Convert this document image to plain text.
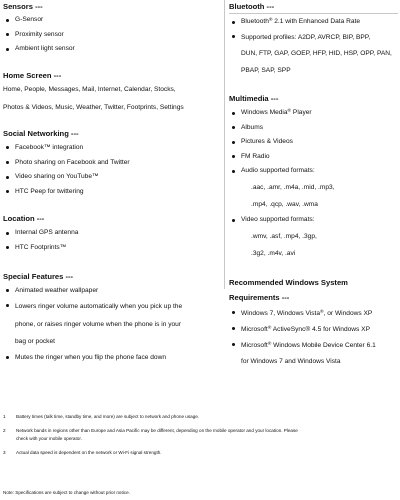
Sensors ---
G-Sensor
Proximity sensor
Ambient light sensor
Home Screen ---
Home, People, Messages, Mail, Internet, Calendar, Stocks,
Photos & Videos, Music, Weather, Twitter, Footprints, Settings
Social Networking ---
Facebook™ integration
Photo sharing on Facebook and Twitter
Video sharing on YouTube™
HTC Peep for twittering
Location ---
Internal GPS antenna
HTC Footprints™
Special Features ---
Animated weather wallpaper
Lowers ringer volume automatically when you pick up the
phone, or raises ringer volume when the phone is in your
bag or pocket
Mutes the ringer when you flip the phone face down
Bluetooth ---
Bluetooth® 2.1 with Enhanced Data Rate
Supported profiles: A2DP, AVRCP, BIP, BPP,
DUN, FTP, GAP, GOEP, HFP, HID, HSP, OPP, PAN,
PBAP, SAP, SPP
Multimedia ---
Windows Media® Player
Albums
Pictures & Videos
FM Radio
Audio supported formats:
.aac, .amr, .m4a, .mid, .mp3,
.mp4, .qcp, .wav, .wma
Video supported formats:
.wmv, .asf, .mp4, .3gp,
.3g2, .m4v, .avi
Recommended Windows System
Requirements ---
Windows 7, Windows Vista®, or Windows XP
Microsoft® ActiveSync® 4.5 for Windows XP
Microsoft® Windows Mobile Device Center 6.1
for Windows 7 and Windows Vista
1 Battery times (talk time, standby time, and more) are subject to network and phone usage.
2 Network bands in regions other than Europe and Asia Pacific may be different, depending on the mobile operator and your location. Please
check with your mobile operator.
3 Actual data speed is dependent on the network or Wi-Fi signal strength.
Note: Specifications are subject to change without prior notice.
